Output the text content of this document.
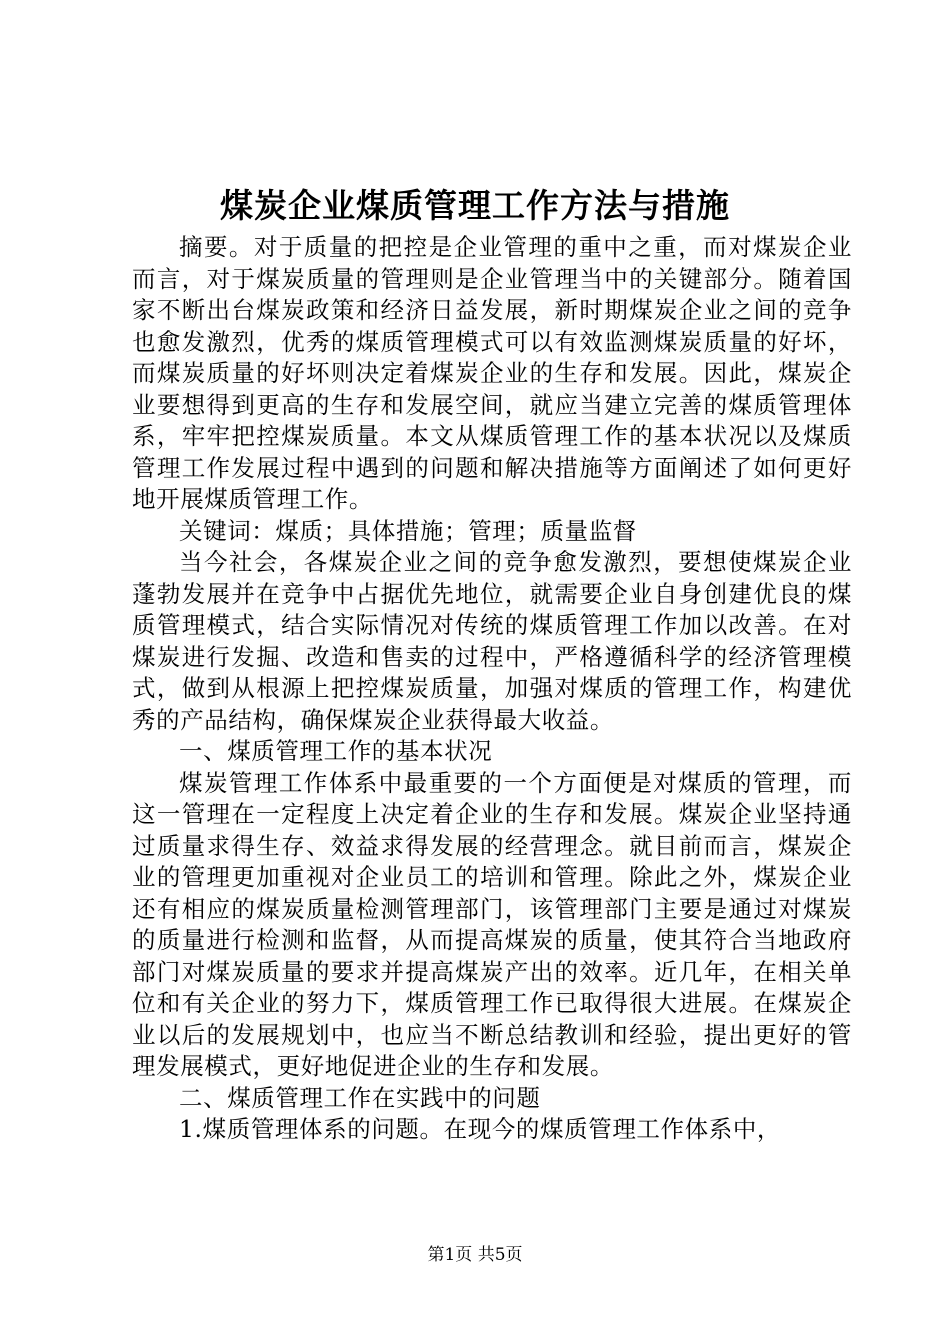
煤炭企业煤质管理工作方法与措施

摘要。对于质量的把控是企业管理的重中之重，而对煤炭企业而言，对于煤炭质量的管理则是企业管理当中的关键部分。随着国家不断出台煤炭政策和经济日益发展，新时期煤炭企业之间的竞争也愈发激烈，优秀的煤质管理模式可以有效监测煤炭质量的好坏，而煤炭质量的好坏则决定着煤炭企业的生存和发展。因此，煤炭企业要想得到更高的生存和发展空间，就应当建立完善的煤质管理体系，牢牢把控煤炭质量。本文从煤质管理工作的基本状况以及煤质管理工作发展过程中遇到的问题和解决措施等方面阐述了如何更好地开展煤质管理工作。

关键词：煤质；具体措施；管理；质量监督

当今社会，各煤炭企业之间的竞争愈发激烈，要想使煤炭企业蓬勃发展并在竞争中占据优先地位，就需要企业自身创建优良的煤质管理模式，结合实际情况对传统的煤质管理工作加以改善。在对煤炭进行发掘、改造和售卖的过程中，严格遵循科学的经济管理模式，做到从根源上把控煤炭质量，加强对煤质的管理工作，构建优秀的产品结构，确保煤炭企业获得最大收益。

一、煤质管理工作的基本状况

煤炭管理工作体系中最重要的一个方面便是对煤质的管理，而这一管理在一定程度上决定着企业的生存和发展。煤炭企业坚持通过质量求得生存、效益求得发展的经营理念。就目前而言，煤炭企业的管理更加重视对企业员工的培训和管理。除此之外，煤炭企业还有相应的煤炭质量检测管理部门，该管理部门主要是通过对煤炭的质量进行检测和监督，从而提高煤炭的质量，使其符合当地政府部门对煤炭质量的要求并提高煤炭产出的效率。近几年，在相关单位和有关企业的努力下，煤质管理工作已取得很大进展。在煤炭企业以后的发展规划中，也应当不断总结教训和经验，提出更好的管理发展模式，更好地促进企业的生存和发展。

二、煤质管理工作在实践中的问题

1.煤质管理体系的问题。在现今的煤质管理工作体系中，

第1页 共5页
